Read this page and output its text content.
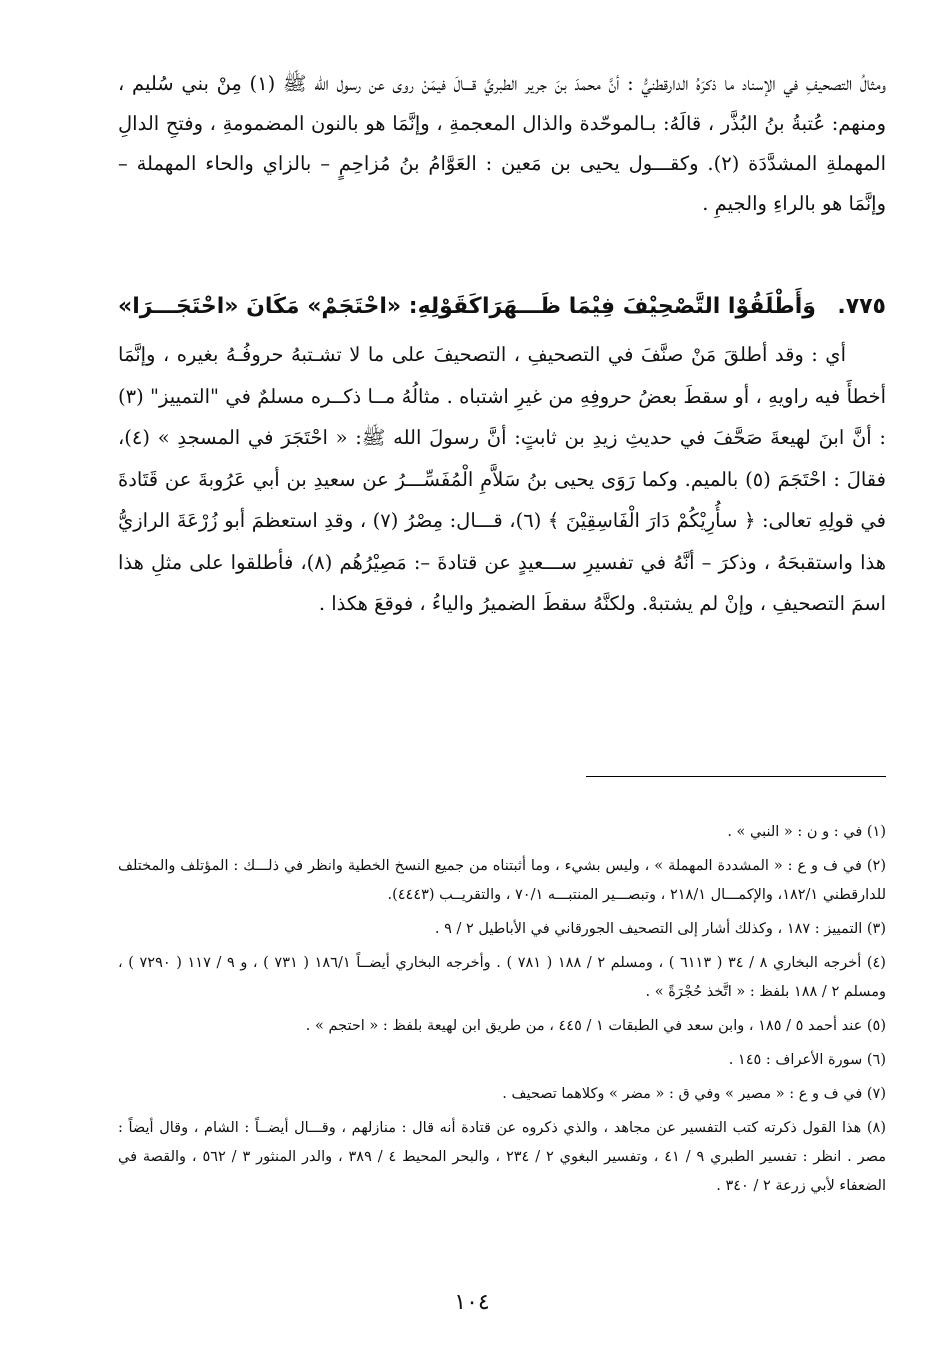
ومثالُ التصحيفِ في الإسناد ما ذكرَهُ الدارقطنيُّ : أنَّ محمدَ بنَ جرير الطبريَّ قـــالَ فيمَنْ روى عن رسول الله ﷺ (١) مِنْ بني سُليم ، ومنهم: عُتبةُ بنُ البُذَّر ، قالَهُ: بـالموحّدة والذال المعجمةِ ، وإنَّمَا هو بالنون المضمومةِ ، وفتحِ الدالِ المهملةِ المشدَّدَة (٢). وكقـــول يحيى بن مَعين : العَوَّامُ بنُ مُزاحِمٍ – بالزاي والحاء المهملة – وإنَّمَا هو بالراءِ والجيمِ .

٧٧٥.
وَأَطْلَقُوْا التَّصْحِيْفَ فِيْمَا ظَـــهَرَا
كَقَوْلِهِ: «احْتَجَمْ» مَكَانَ «احْتَجَـــرَا»

أي : وقد أطلقَ مَنْ صنَّفَ في التصحيفِ ، التصحيفَ على ما لا تشـتبهُ حروفُـهُ بغيره ، وإنَّمَا أخطأَ فيه راويهِ ، أو سقطَ بعضُ حروفِهِ من غيرِ اشتباه . مثالُهُ مــا ذكــره مسلمٌ في "التمييز" (٣) : أنَّ ابنَ لهيعةَ صَحَّفَ في حديثِ زيدِ بن ثابتٍ: أنَّ رسولَ الله ﷺ: « احْتَجَرَ في المسجدِ » (٤)، فقالَ : احْتَجَمَ (٥) بالميم. وكما رَوَى يحيى بنُ سَلاَّمِ الْمُفَسِّـــرُ عن سعيدِ بن أبي عَرُوبةَ عن قَتَادةَ في قولِهِ تعالى: ﴿ سأُرِيْكُمْ دَارَ الْفَاسِقِيْنَ ﴾ (٦)، قـــال: مِصْرُ (٧) ، وقدِ استعظمَ أبو زُرْعَةَ الرازيُّ هذا واستقبحَهُ ، وذكرَ – أنَّهُ في تفسيرِ ســـعيدٍ عن قتادةَ –: مَصِيْرُهُم (٨)، فأطلقوا على مثلِ هذا اسمَ التصحيفِ ، وإنْ لم يشتبهْ. ولكنَّهُ سقطَ الضميرُ والياءُ ، فوقعَ هكذا .

(١) في : و ن : « النبي » .

(٢) في ف و ع : « المشددة المهملة » ، وليس بشيء ، وما أثبتناه من جميع النسخ الخطية وانظر في ذلـــك : المؤتلف والمختلف للدارقطني ١٨٢/١، والإكمـــال ٢١٨/١ ، وتبصـــير المنتبـــه ٧٠/١ ، والتقريــب (٤٤٤٣).

(٣) التمييز : ١٨٧ ، وكذلك أشار إلى التصحيف الجورقاني في الأباطيل ٢ / ٩ .

(٤) أخرجه البخاري ٨ / ٣٤ ( ٦١١٣ ) ، ومسلم ٢ / ١٨٨ ( ٧٨١ ) . وأخرجه البخاري أيضــاً ١٨٦/١ ( ٧٣١ ) ، و ٩ / ١١٧ ( ٧٢٩٠ ) ، ومسلم ٢ / ١٨٨ بلفظ : « اتَّخذ حُجْرَةً » .

(٥) عند أحمد ٥ / ١٨٥ ، وابن سعد في الطبقات ١ / ٤٤٥ ، من طريق ابن لهيعة بلفظ : « احتجم » .

(٦) سورة الأعراف : ١٤٥ .

(٧) في ف و ع : « مصير » وفي ق : « مضر » وكلاهما تصحيف .

(٨) هذا القول ذكرته كتب التفسير عن مجاهد ، والذي ذكروه عن قتادة أنه قال : منازلهم ، وقـــال أيضــاً : الشام ، وقال أيضاً : مصر . انظر : تفسير الطبري ٩ / ٤١ ، وتفسير البغوي ٢ / ٢٣٤ ، والبحر المحيط ٤ / ٣٨٩ ، والدر المنثور ٣ / ٥٦٢ ، والقصة في الضعفاء لأبي زرعة ٢ / ٣٤٠ .

١٠٤
